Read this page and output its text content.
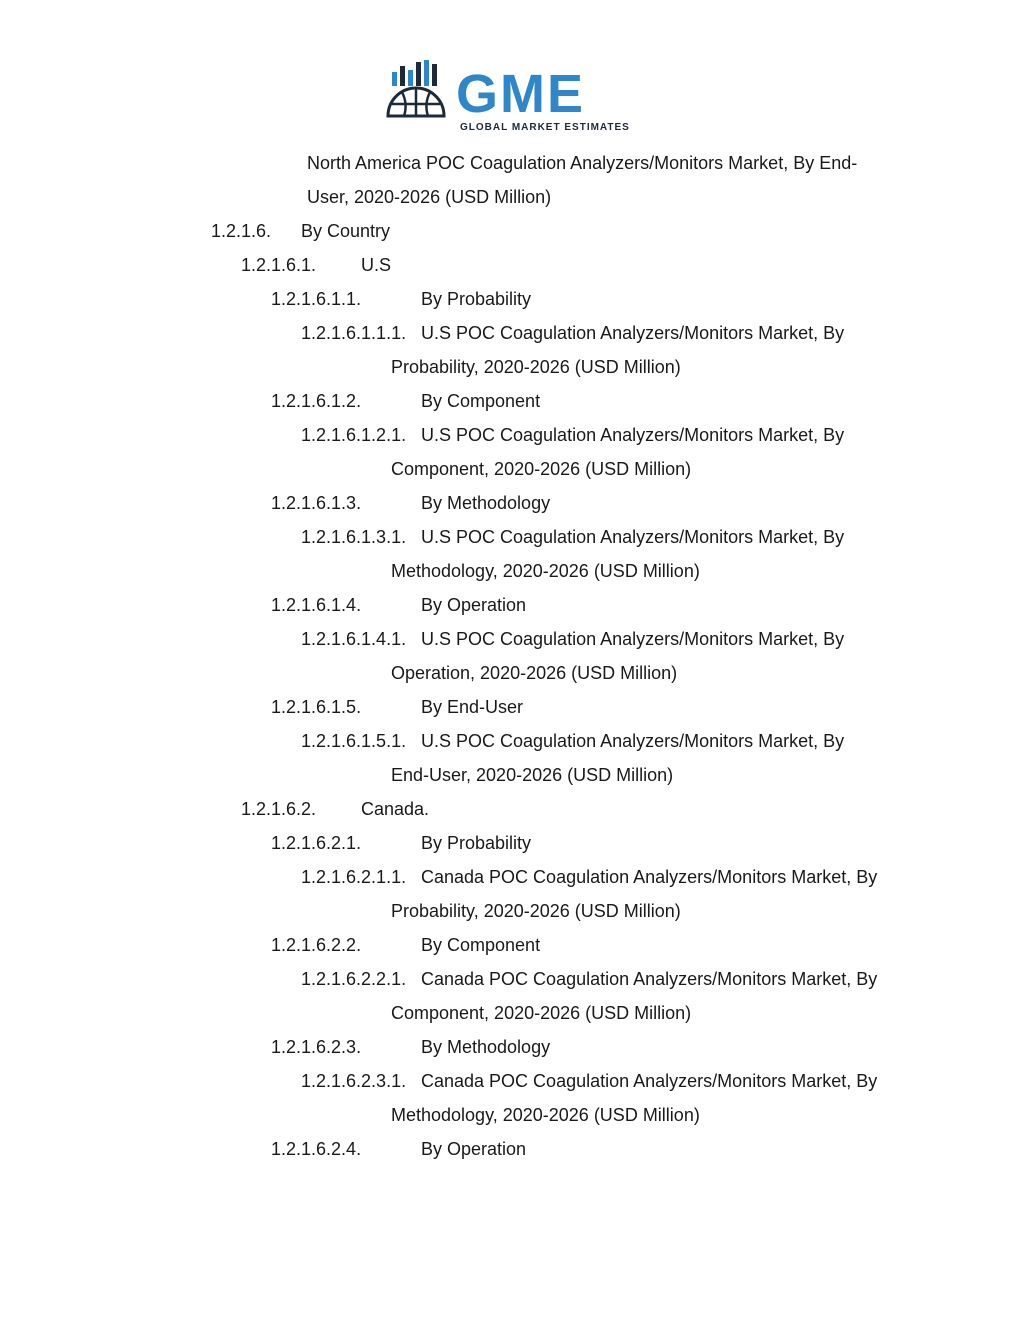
GME
GLOBAL MARKET ESTIMATES
North America POC Coagulation Analyzers/Monitors Market, By End-
User, 2020-2026 (USD Million)
1.2.1.6. By Country
1.2.1.6.1. U.S
1.2.1.6.1.1.	By Probability
1.2.1.6.1.1.1. U.S POC Coagulation Analyzers/Monitors Market, By
Probability, 2020-2026 (USD Million)
1.2.1.6.1.2.	By Component
1.2.1.6.1.2.1. U.S POC Coagulation Analyzers/Monitors Market, By
Component, 2020-2026 (USD Million)
1.2.1.6.1.3.	By Methodology
1.2.1.6.1.3.1. U.S POC Coagulation Analyzers/Monitors Market, By
Methodology, 2020-2026 (USD Million)
1.2.1.6.1.4.	By Operation
1.2.1.6.1.4.1. U.S POC Coagulation Analyzers/Monitors Market, By
Operation, 2020-2026 (USD Million)
1.2.1.6.1.5.	By End-User
1.2.1.6.1.5.1. U.S POC Coagulation Analyzers/Monitors Market, By
End-User, 2020-2026 (USD Million)
1.2.1.6.2. Canada.
1.2.1.6.2.1.	By Probability
1.2.1.6.2.1.1. Canada POC Coagulation Analyzers/Monitors Market, By
Probability, 2020-2026 (USD Million)
1.2.1.6.2.2.	By Component
1.2.1.6.2.2.1. Canada POC Coagulation Analyzers/Monitors Market, By
Component, 2020-2026 (USD Million)
1.2.1.6.2.3.	By Methodology
1.2.1.6.2.3.1. Canada POC Coagulation Analyzers/Monitors Market, By
Methodology, 2020-2026 (USD Million)
1.2.1.6.2.4.	By Operation
